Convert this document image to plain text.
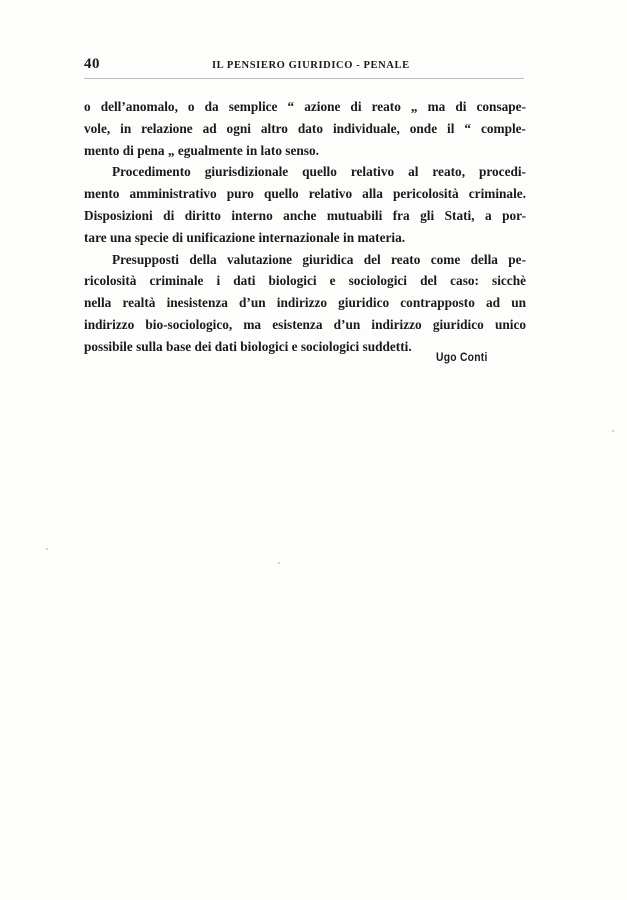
40	IL PENSIERO GIURIDICO - PENALE
o dell’anomalo, o da semplice “ azione di reato „ ma di consape-
vole, in relazione ad ogni altro dato individuale, onde il “ comple-
mento di pena „ egualmente in lato senso.
Procedimento giurisdizionale quello relativo al reato, procedi-
mento amministrativo puro quello relativo alla pericolosità criminale.
Disposizioni di diritto interno anche mutuabili fra gli Stati, a por-
tare una specie di unificazione internazionale in materia.
Presupposti della valutazione giuridica del reato come della pe-
ricolosità criminale i dati biologici e sociologici del caso: sicchè
nella realtà inesistenza d’un indirizzo giuridico contrapposto ad un
indirizzo bio-sociologico, ma esistenza d’un indirizzo giuridico unico
possibile sulla base dei dati biologici e sociologici suddetti.
Ugo Conti
